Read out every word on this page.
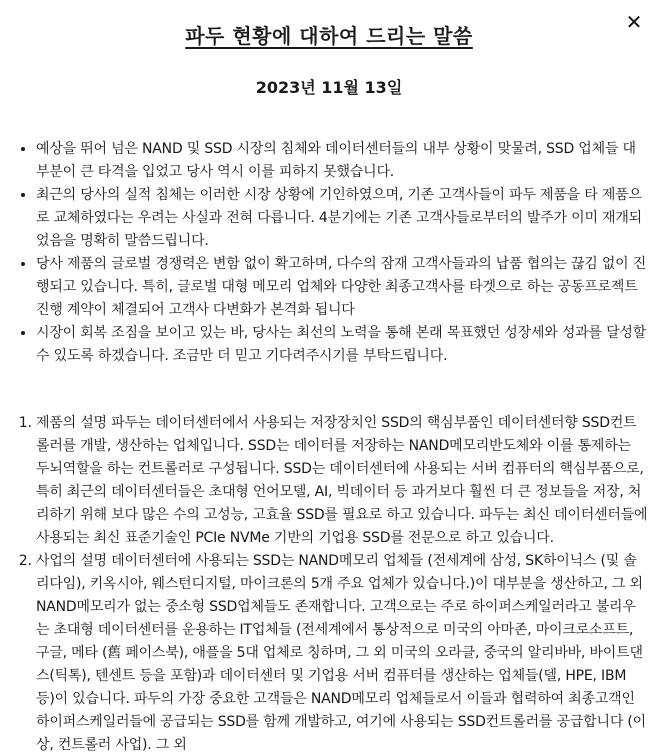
✕
파두 현황에 대하여 드리는 말씀

2023년 11월 13일

• 예상을 뛰어 넘은 NAND 및 SSD 시장의 침체와 데이터센터들의 내부 상황이 맞물려, SSD 업체들 대부분이 큰 타격을 입었고 당사 역시 이를 피하지 못했습니다.
• 최근의 당사의 실적 침체는 이러한 시장 상황에 기인하였으며, 기존 고객사들이 파두 제품을 타 제품으로 교체하였다는 우려는 사실과 전혀 다릅니다. 4분기에는 기존 고객사들로부터의 발주가 이미 재개되었음을 명확히 말씀드립니다.
• 당사 제품의 글로벌 경쟁력은 변함 없이 확고하며, 다수의 잠재 고객사들과의 납품 협의는 끊김 없이 진행되고 있습니다. 특히, 글로벌 대형 메모리 업체와 다양한 최종고객사를 타겟으로 하는 공동프로젝트 진행 계약이 체결되어 고객사 다변화가 본격화 됩니다
• 시장이 회복 조짐을 보이고 있는 바, 당사는 최선의 노력을 통해 본래 목표했던 성장세와 성과를 달성할 수 있도록 하겠습니다. 조금만 더 믿고 기다려주시기를 부탁드립니다.
1. 제품의 설명 파두는 데이터센터에서 사용되는 저장장치인 SSD의 핵심부품인 데이터센터향 SSD컨트롤러를 개발, 생산하는 업체입니다. SSD는 데이터를 저장하는 NAND메모리반도체와 이를 통제하는 두뇌역할을 하는 컨트롤러로 구성됩니다. SSD는 데이터센터에 사용되는 서버 컴퓨터의 핵심부품으로, 특히 최근의 데이터센터들은 초대형 언어모델, AI, 빅데이터 등 과거보다 훨씬 더 큰 정보들을 저장, 처리하기 위해 보다 많은 수의 고성능, 고효율 SSD를 필요로 하고 있습니다. 파두는 최신 데이터센터들에 사용되는 최신 표준기술인 PCIe NVMe 기반의 기업용 SSD를 전문으로 하고 있습니다.
2. 사업의 설명 데이터센터에 사용되는 SSD는 NAND메모리 업체들 (전세계에 삼성, SK하이닉스 (및 솔리다임), 키옥시아, 웨스턴디지털, 마이크론의 5개 주요 업체가 있습니다.)이 대부분을 생산하고, 그 외 NAND메모리가 없는 중소형 SSD업체들도 존재합니다. 고객으로는 주로 하이퍼스케일러라고 불리우는 초대형 데이터센터를 운용하는 IT업체들 (전세계에서 통상적으로 미국의 아마존, 마이크로소프트, 구글, 메타 (舊 페이스북), 애플을 5대 업체로 칭하며, 그 외 미국의 오라클, 중국의 알리바바, 바이트댄스(틱톡), 텐센트 등을 포함)과 데이터센터 및 기업용 서버 컴퓨터를 생산하는 업체들(델, HPE, IBM 등)이 있습니다. 파두의 가장 중요한 고객들은 NAND메모리 업체들로서 이들과 협력하여 최종고객인 하이퍼스케일러들에 공급되는 SSD를 함께 개발하고, 여기에 사용되는 SSD컨트롤러를 공급합니다 (이상, 컨트롤러 사업). 그 외
